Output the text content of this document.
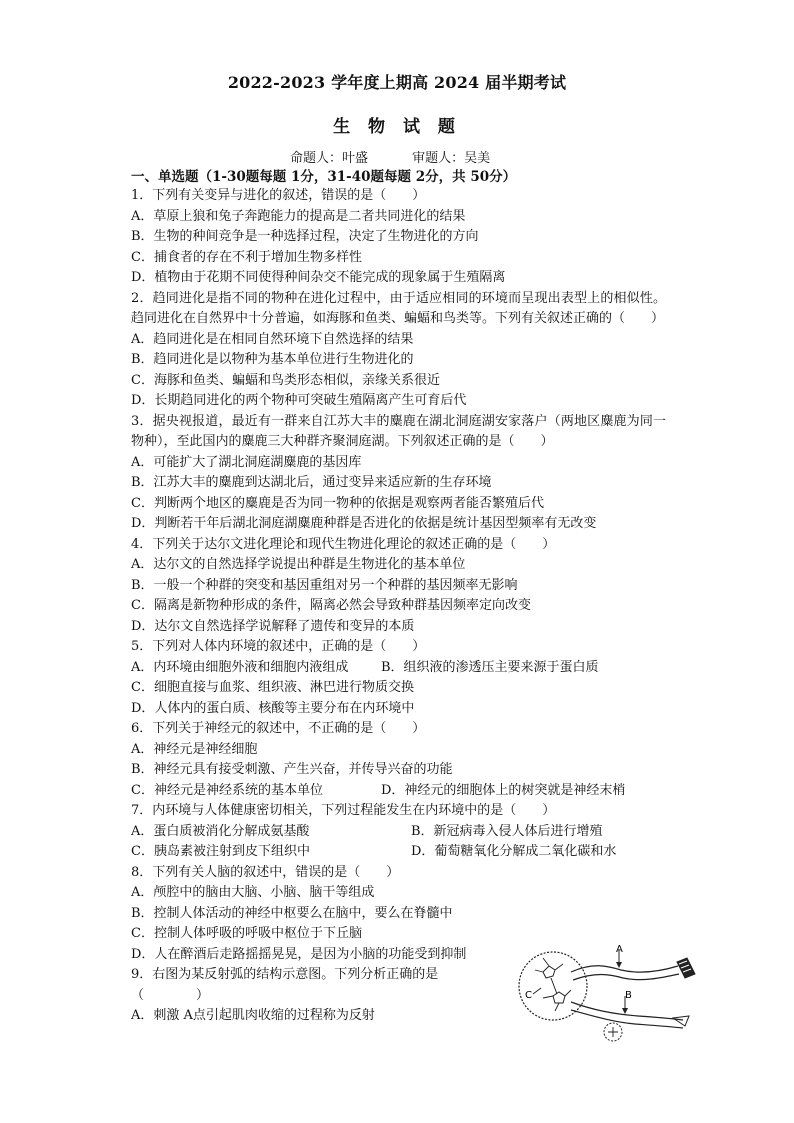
2022-2023 学年度上期高 2024 届半期考试
生 物 试 题
命题人：叶盛	审题人：吴美
一、单选题（1-30题每题 1分，31-40题每题 2分，共 50分）
1．下列有关变异与进化的叙述，错误的是（　　）
A．草原上狼和兔子奔跑能力的提高是二者共同进化的结果
B．生物的种间竞争是一种选择过程，决定了生物进化的方向
C．捕食者的存在不利于增加生物多样性
D．植物由于花期不同使得种间杂交不能完成的现象属于生殖隔离
2．趋同进化是指不同的物种在进化过程中，由于适应相同的环境而呈现出表型上的相似性。趋同进化在自然界中十分普遍，如海豚和鱼类、蝙蝠和鸟类等。下列有关叙述正确的（　　）
A．趋同进化是在相同自然环境下自然选择的结果
B．趋同进化是以物种为基本单位进行生物进化的
C．海豚和鱼类、蝙蝠和鸟类形态相似，亲缘关系很近
D．长期趋同进化的两个物种可突破生殖隔离产生可育后代
3．据央视报道，最近有一群来自江苏大丰的麋鹿在湖北洞庭湖安家落户（两地区麋鹿为同一物种），至此国内的麋鹿三大种群齐聚洞庭湖。下列叙述正确的是（　　）
A．可能扩大了湖北洞庭湖麋鹿的基因库
B．江苏大丰的麋鹿到达湖北后，通过变异来适应新的生存环境
C．判断两个地区的麋鹿是否为同一物种的依据是观察两者能否繁殖后代
D．判断若干年后湖北洞庭湖麋鹿种群是否进化的依据是统计基因型频率有无改变
4．下列关于达尔文进化理论和现代生物进化理论的叙述正确的是（　　）
A．达尔文的自然选择学说提出种群是生物进化的基本单位
B．一般一个种群的突变和基因重组对另一个种群的基因频率无影响
C．隔离是新物种形成的条件，隔离必然会导致种群基因频率定向改变
D．达尔文自然选择学说解释了遗传和变异的本质
5．下列对人体内环境的叙述中，正确的是（　　）
A．内环境由细胞外液和细胞内液组成	B．组织液的渗透压主要来源于蛋白质
C．细胞直接与血浆、组织液、淋巴进行物质交换
D．人体内的蛋白质、核酸等主要分布在内环境中
6．下列关于神经元的叙述中，不正确的是（　　）
A．神经元是神经细胞
B．神经元具有接受刺激、产生兴奋，并传导兴奋的功能
C．神经元是神经系统的基本单位	D．神经元的细胞体上的树突就是神经末梢
7．内环境与人体健康密切相关，下列过程能发生在内环境中的是（　　）
A．蛋白质被消化分解成氨基酸	B．新冠病毒入侵人体后进行增殖
C．胰岛素被注射到皮下组织中	D．葡萄糖氧化分解成二氧化碳和水
8．下列有关人脑的叙述中，错误的是（　　）
A．颅腔中的脑由大脑、小脑、脑干等组成
B．控制人体活动的神经中枢要么在脑中，要么在脊髓中
C．控制人体呼吸的呼吸中枢位于下丘脑
D．人在醉酒后走路摇摇晃晃，是因为小脑的功能受到抑制
9．右图为某反射弧的结构示意图。下列分析正确的是
（　　　　）
A．刺激 A点引起肌肉收缩的过程称为反射
A
B
C
